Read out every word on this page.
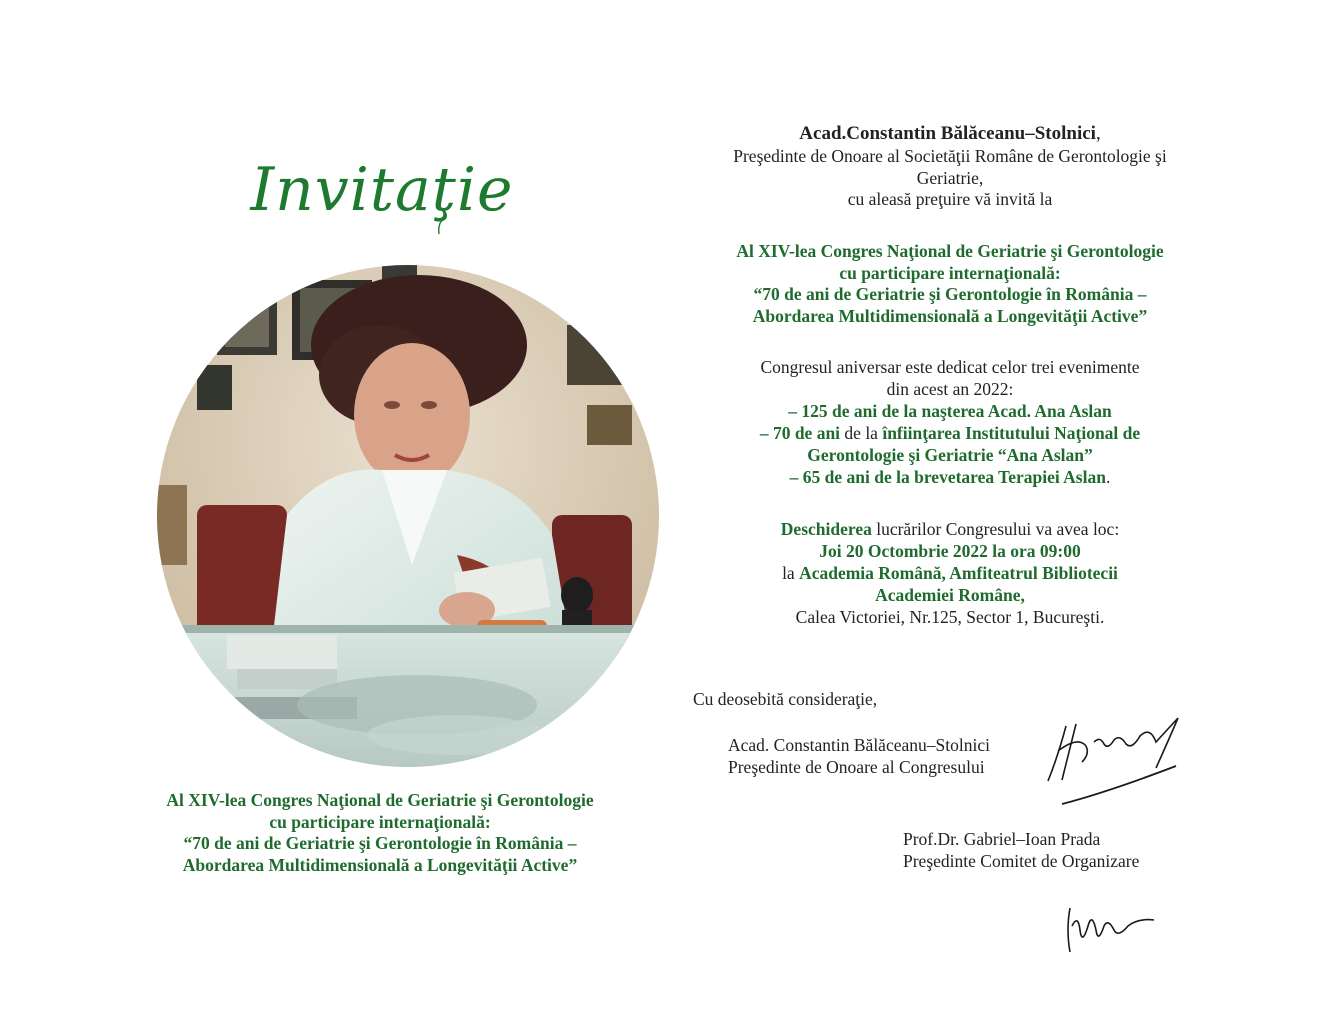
Invitaţie
Al XIV-lea Congres Naţional de Geriatrie şi Gerontologie
cu participare internaţională:
“70 de ani de Geriatrie şi Gerontologie în România –
Abordarea Multidimensională a Longevităţii Active”
Acad.Constantin Bălăceanu–Stolnici,
Preşedinte de Onoare al Societăţii Române de Gerontologie şi
Geriatrie,
cu aleasă preţuire vă invită la
Al XIV-lea Congres Naţional de Geriatrie şi Gerontologie
cu participare internaţională:
“70 de ani de Geriatrie şi Gerontologie în România –
Abordarea Multidimensională a Longevităţii Active”
Congresul aniversar este dedicat celor trei evenimente
din acest an 2022:
– 125 de ani de la naşterea Acad. Ana Aslan
– 70 de ani de la înfiinţarea Institutului Naţional de
Gerontologie şi Geriatrie “Ana Aslan”
– 65 de ani de la brevetarea Terapiei Aslan.
Deschiderea lucrărilor Congresului va avea loc:
Joi 20 Octombrie 2022 la ora 09:00
la Academia Română, Amfiteatrul Bibliotecii
Academiei Române,
Calea Victoriei, Nr.125, Sector 1, Bucureşti.
Cu deosebită consideraţie,
Acad. Constantin Bălăceanu–Stolnici
Preşedinte de Onoare al Congresului
Prof.Dr. Gabriel–Ioan Prada
Preşedinte Comitet de Organizare
